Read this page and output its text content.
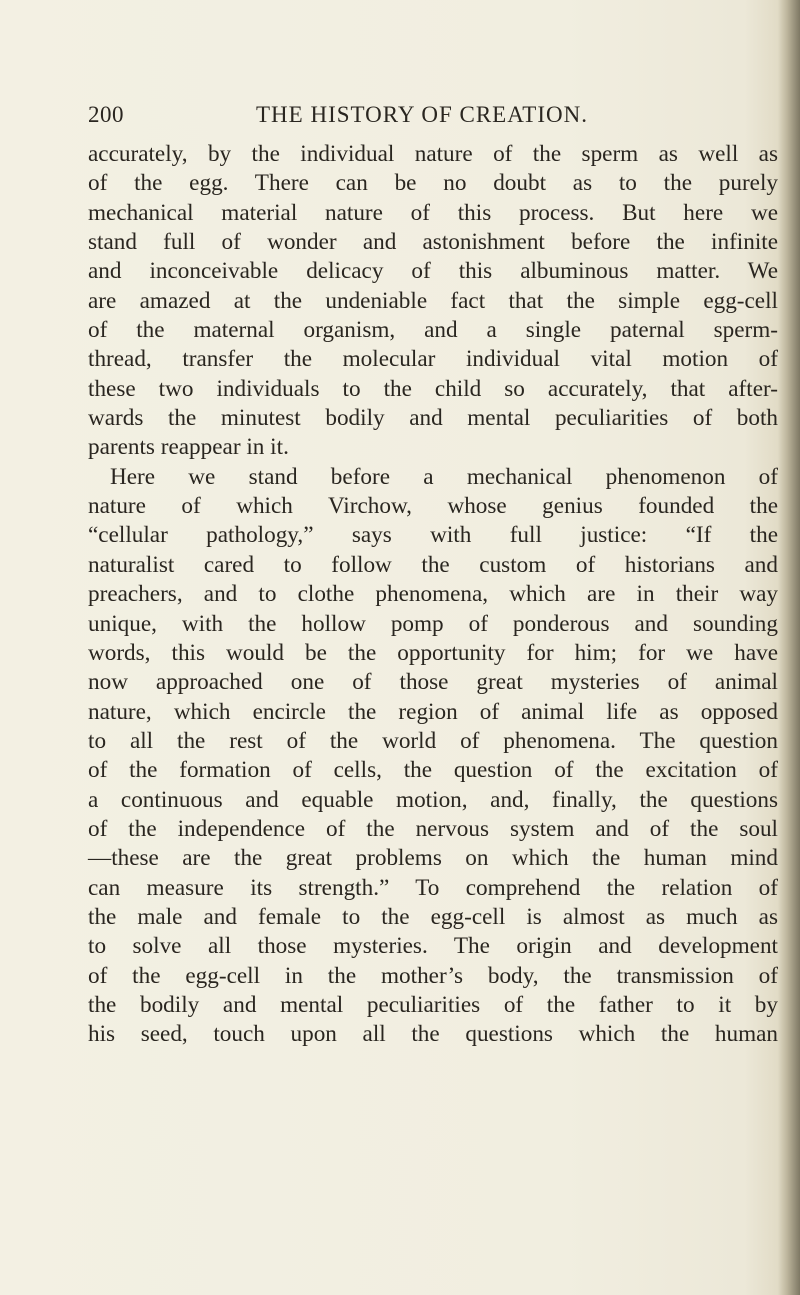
200	THE HISTORY OF CREATION.
accurately, by the individual nature of the sperm as well as
of the egg. There can be no doubt as to the purely
mechanical material nature of this process. But here we
stand full of wonder and astonishment before the infinite
and inconceivable delicacy of this albuminous matter. We
are amazed at the undeniable fact that the simple egg-cell
of the maternal organism, and a single paternal sperm-
thread, transfer the molecular individual vital motion of
these two individuals to the child so accurately, that after-
wards the minutest bodily and mental peculiarities of both
parents reappear in it.
Here we stand before a mechanical phenomenon of
nature of which Virchow, whose genius founded the
“cellular pathology,” says with full justice: “If the
naturalist cared to follow the custom of historians and
preachers, and to clothe phenomena, which are in their way
unique, with the hollow pomp of ponderous and sounding
words, this would be the opportunity for him; for we have
now approached one of those great mysteries of animal
nature, which encircle the region of animal life as opposed
to all the rest of the world of phenomena. The question
of the formation of cells, the question of the excitation of
a continuous and equable motion, and, finally, the questions
of the independence of the nervous system and of the soul
—these are the great problems on which the human mind
can measure its strength.” To comprehend the relation of
the male and female to the egg-cell is almost as much as
to solve all those mysteries. The origin and development
of the egg-cell in the mother’s body, the transmission of
the bodily and mental peculiarities of the father to it by
his seed, touch upon all the questions which the human
